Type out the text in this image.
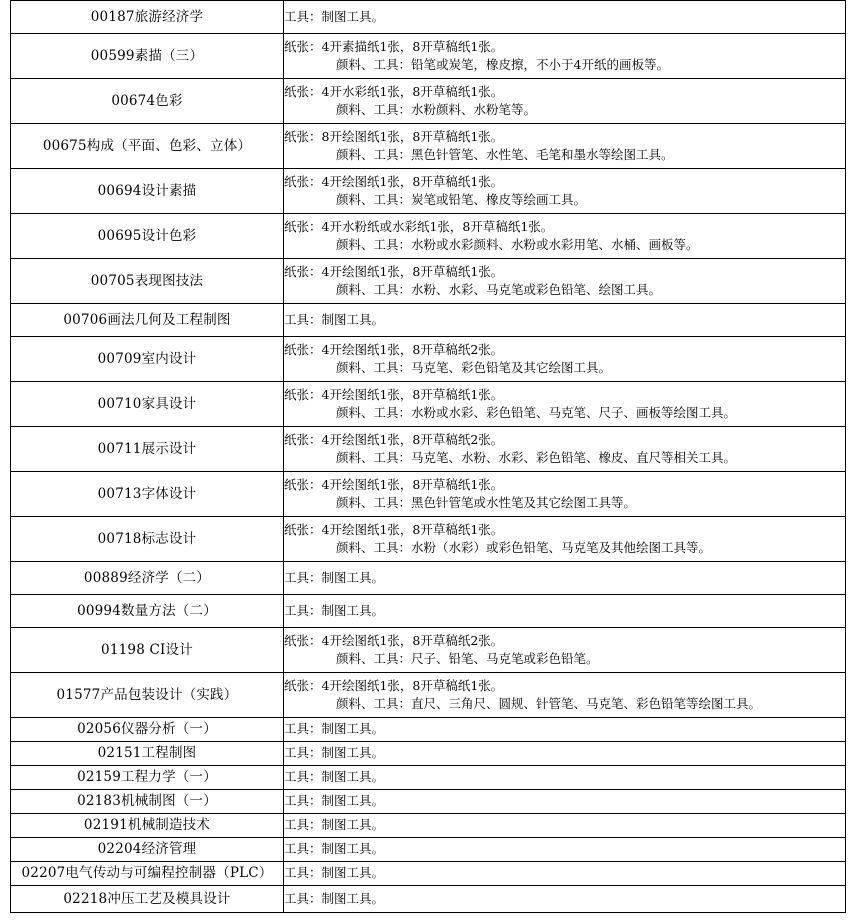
00187旅游经济学	工具：制图工具。

00599素描（三）	纸张：4开素描纸1张，8开草稿纸1张。
颜料、工具：铅笔或炭笔，橡皮擦，不小于4开纸的画板等。

00674色彩	纸张：4开水彩纸1张，8开草稿纸1张。
颜料、工具：水粉颜料、水粉笔等。

00675构成（平面、色彩、立体）	纸张：8开绘图纸1张，8开草稿纸1张。
颜料、工具：黑色针管笔、水性笔、毛笔和墨水等绘图工具。

00694设计素描	纸张：4开绘图纸1张，8开草稿纸1张。
颜料、工具：炭笔或铅笔、橡皮等绘画工具。

00695设计色彩	纸张：4开水粉纸或水彩纸1张，8开草稿纸1张。
颜料、工具：水粉或水彩颜料、水粉或水彩用笔、水桶、画板等。

00705表现图技法	纸张：4开绘图纸1张，8开草稿纸1张。
颜料、工具：水粉、水彩、马克笔或彩色铅笔、绘图工具。

00706画法几何及工程制图	工具：制图工具。

00709室内设计	纸张：4开绘图纸1张，8开草稿纸2张。
颜料、工具：马克笔、彩色铅笔及其它绘图工具。

00710家具设计	纸张：4开绘图纸1张，8开草稿纸1张。
颜料、工具：水粉或水彩、彩色铅笔、马克笔、尺子、画板等绘图工具。

00711展示设计	纸张：4开绘图纸1张，8开草稿纸2张。
颜料、工具：马克笔、水粉、水彩、彩色铅笔、橡皮、直尺等相关工具。

00713字体设计	纸张：4开绘图纸1张，8开草稿纸1张。
颜料、工具：黑色针管笔或水性笔及其它绘图工具等。

00718标志设计	纸张：4开绘图纸1张，8开草稿纸1张。
颜料、工具：水粉（水彩）或彩色铅笔、马克笔及其他绘图工具等。

00889经济学（二）	工具：制图工具。

00994数量方法（二）	工具：制图工具。

01198 CI设计	纸张：4开绘图纸1张，8开草稿纸2张。
颜料、工具：尺子、铅笔、马克笔或彩色铅笔。

01577产品包装设计（实践）	纸张：4开绘图纸1张，8开草稿纸1张。
颜料、工具：直尺、三角尺、圆规、针管笔、马克笔、彩色铅笔等绘图工具。

02056仪器分析（一）	工具：制图工具。

02151工程制图	工具：制图工具。

02159工程力学（一）	工具：制图工具。

02183机械制图（一）	工具：制图工具。

02191机械制造技术	工具：制图工具。

02204经济管理	工具：制图工具。

02207电气传动与可编程控制器（PLC）	工具：制图工具。

02218冲压工艺及模具设计	工具：制图工具。
